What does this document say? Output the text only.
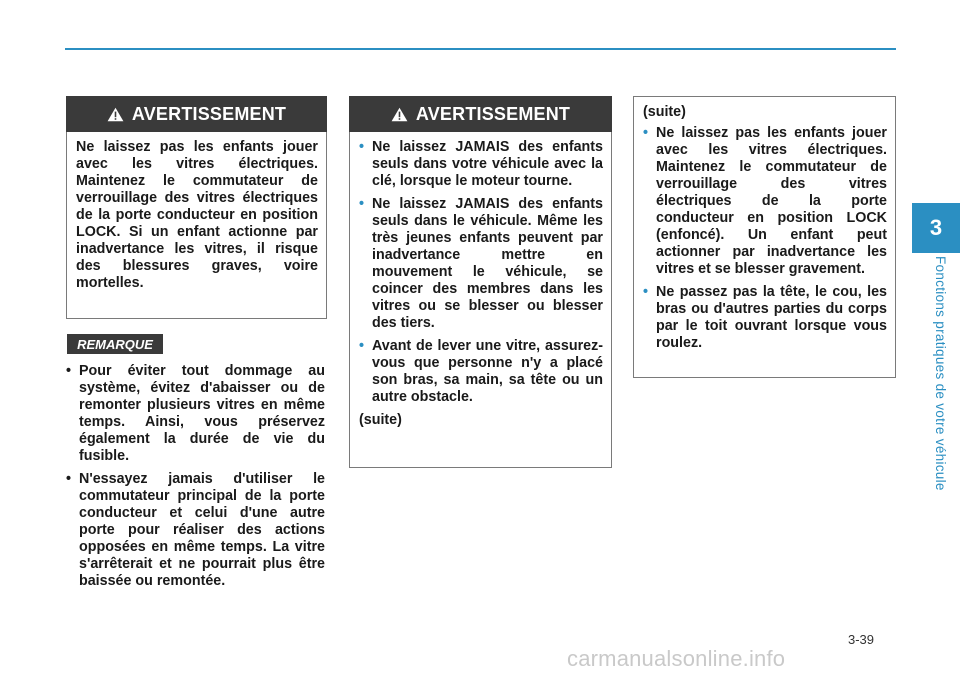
3
Fonctions pratiques de votre véhicule
AVERTISSEMENT
Ne laissez pas les enfants jouer avec les vitres électriques. Maintenez le commutateur de verrouillage des vitres électriques de la porte conducteur en position LOCK. Si un enfant actionne par inadvertance les vitres, il risque des blessures graves, voire mortelles.
REMARQUE
• Pour éviter tout dommage au système, évitez d'abaisser ou de remonter plusieurs vitres en même temps. Ainsi, vous préservez également la durée de vie du fusible.
• N'essayez jamais d'utiliser le commutateur principal de la porte conducteur et celui d'une autre porte pour réaliser des actions opposées en même temps. La vitre s'arrêterait et ne pourrait plus être baissée ou remontée.
AVERTISSEMENT
• Ne laissez JAMAIS des enfants seuls dans votre véhicule avec la clé, lorsque le moteur tourne.
• Ne laissez JAMAIS des enfants seuls dans le véhicule. Même les très jeunes enfants peuvent par inadvertance mettre en mouvement le véhicule, se coincer des membres dans les vitres ou se blesser ou blesser des tiers.
• Avant de lever une vitre, assurez-vous que personne n'y a placé son bras, sa main, sa tête ou un autre obstacle.
(suite)
(suite)
• Ne laissez pas les enfants jouer avec les vitres électriques. Maintenez le commutateur de verrouillage des vitres électriques de la porte conducteur en position LOCK (enfoncé). Un enfant peut actionner par inadvertance les vitres et se blesser gravement.
• Ne passez pas la tête, le cou, les bras ou d'autres parties du corps par le toit ouvrant lorsque vous roulez.
3-39
carmanualsonline.info
